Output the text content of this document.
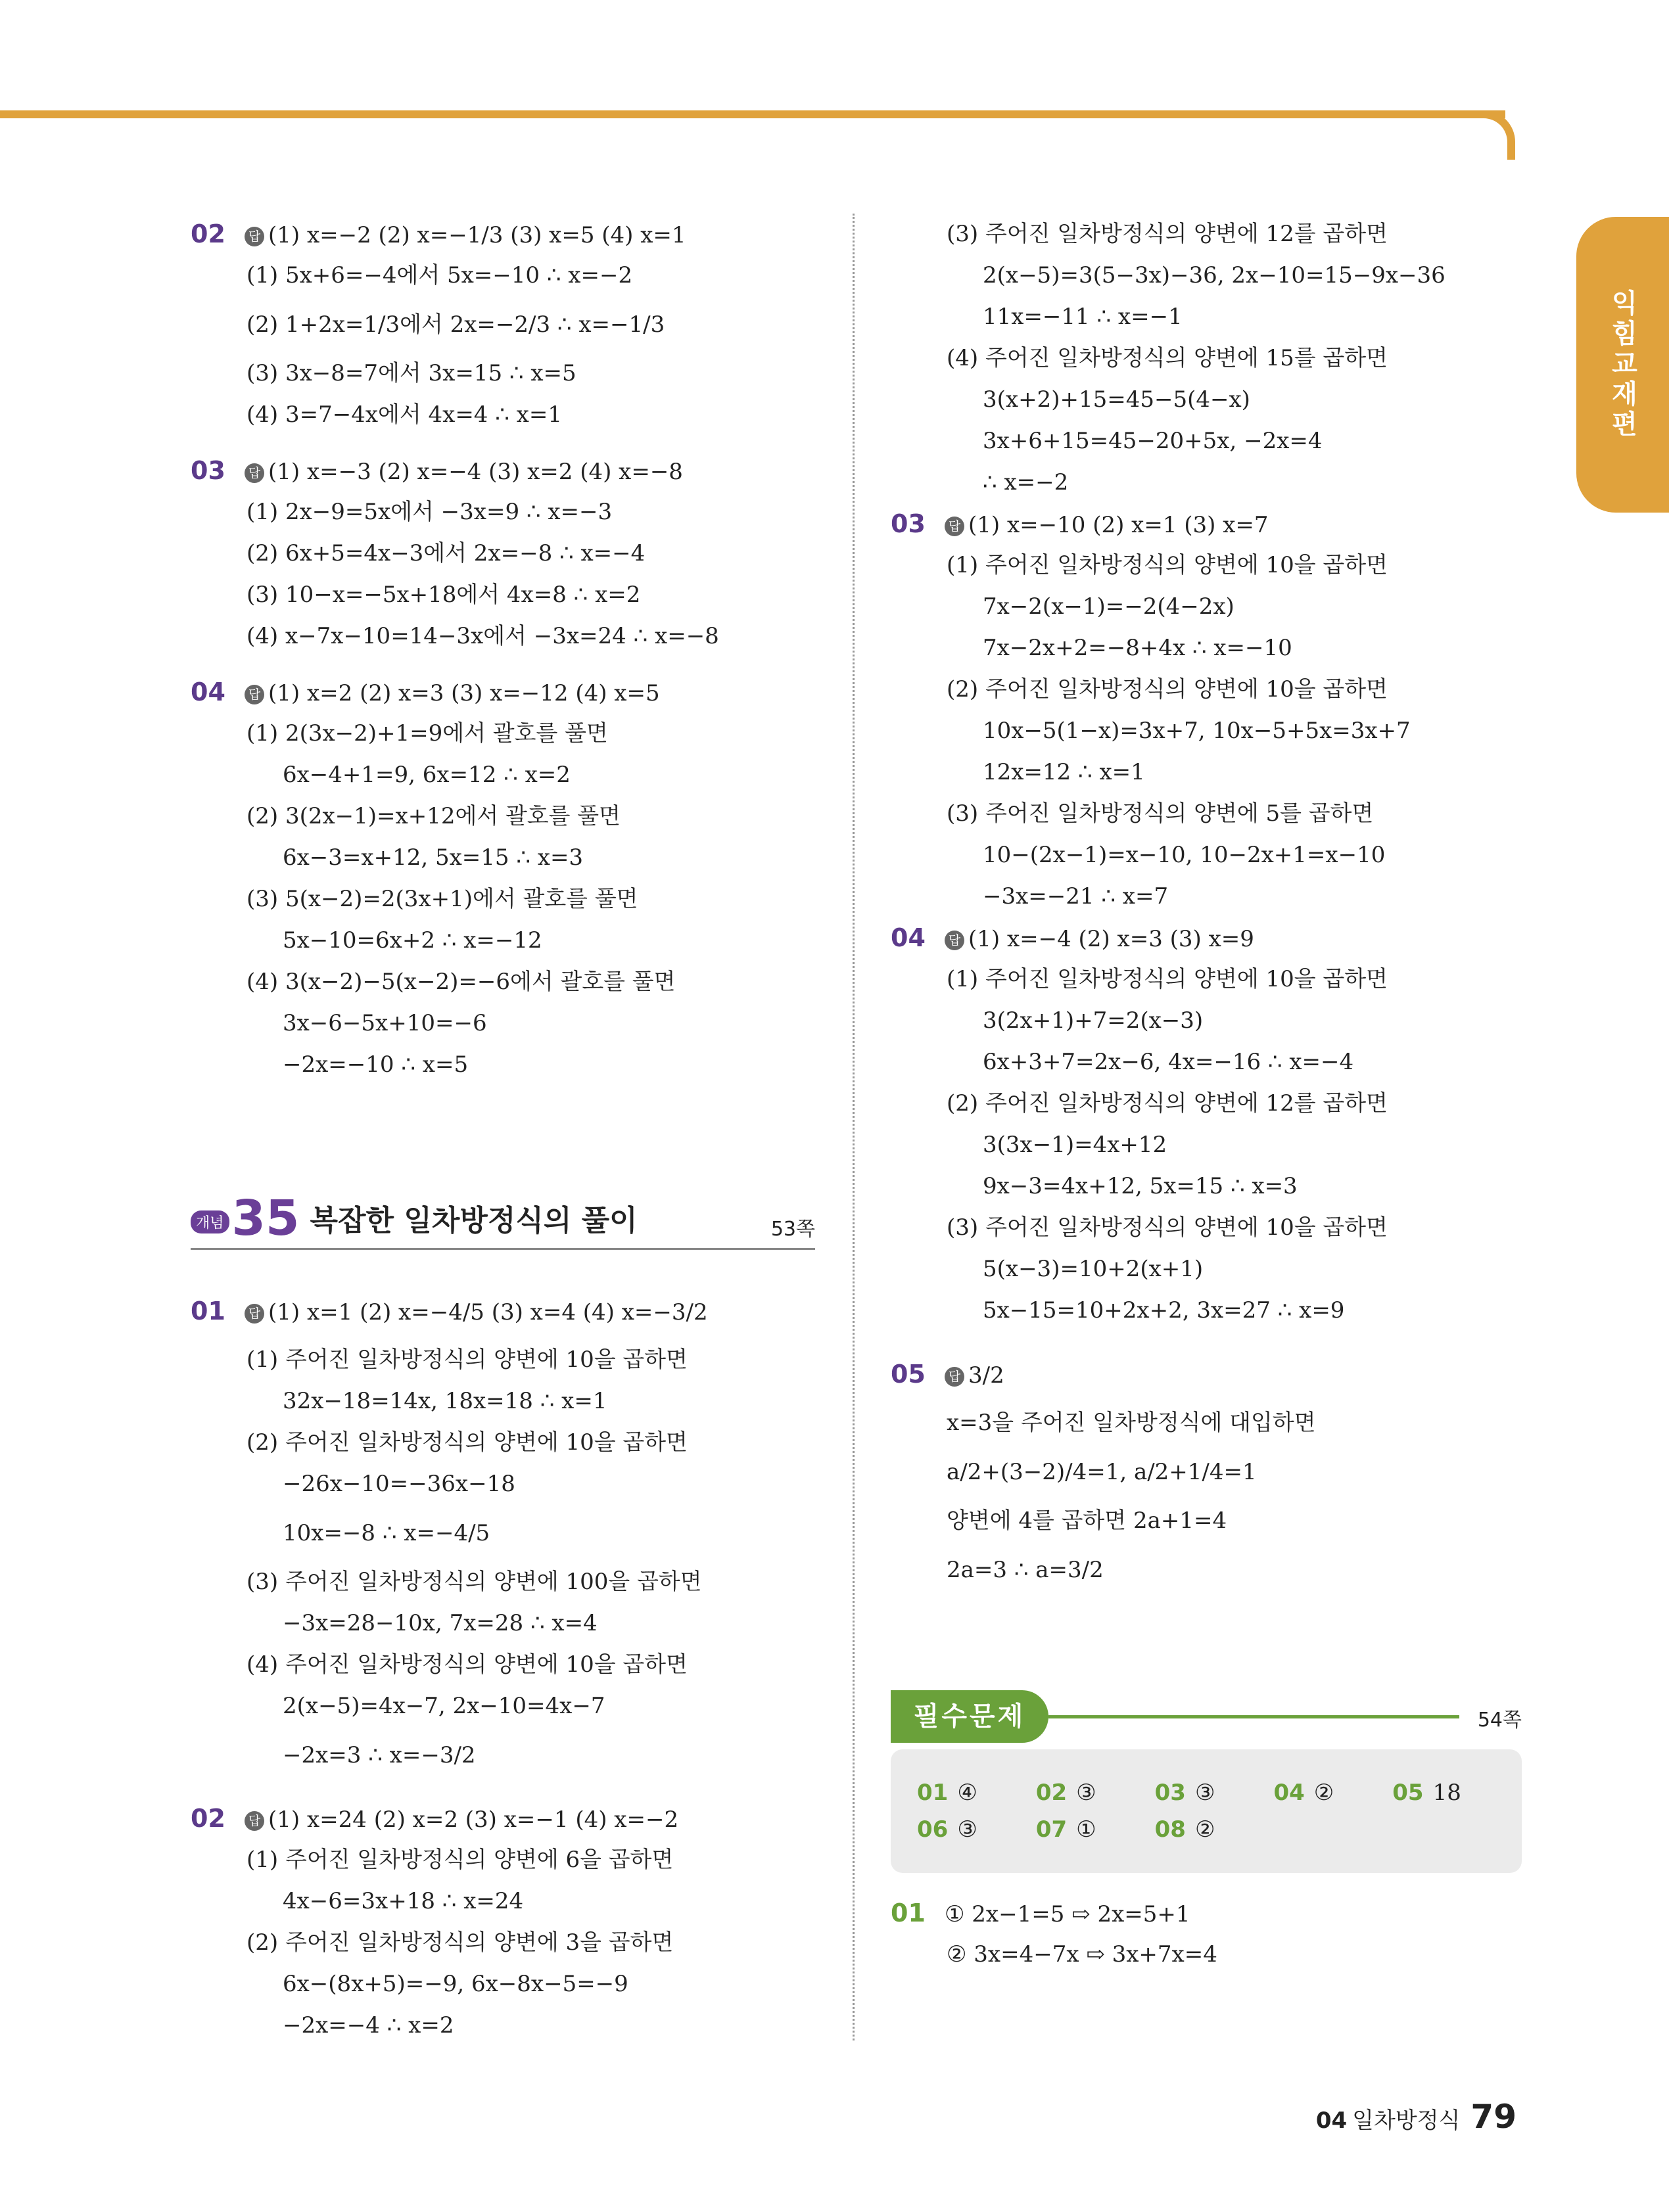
익힘교재편
02 답 (1) x=−2 (2) x=−1/3 (3) x=5 (4) x=1
(1) 5x+6=−4에서 5x=−10 ∴ x=−2
(2) 1+2x=1/3에서 2x=−2/3 ∴ x=−1/3
(3) 3x−8=7에서 3x=15 ∴ x=5
(4) 3=7−4x에서 4x=4 ∴ x=1
03 답 (1) x=−3 (2) x=−4 (3) x=2 (4) x=−8
(1) 2x−9=5x에서 −3x=9 ∴ x=−3
(2) 6x+5=4x−3에서 2x=−8 ∴ x=−4
(3) 10−x=−5x+18에서 4x=8 ∴ x=2
(4) x−7x−10=14−3x에서 −3x=24 ∴ x=−8
04 답 (1) x=2 (2) x=3 (3) x=−12 (4) x=5
(1) 2(3x−2)+1=9에서 괄호를 풀면
6x−4+1=9, 6x=12 ∴ x=2
(2) 3(2x−1)=x+12에서 괄호를 풀면
6x−3=x+12, 5x=15 ∴ x=3
(3) 5(x−2)=2(3x+1)에서 괄호를 풀면
5x−10=6x+2 ∴ x=−12
(4) 3(x−2)−5(x−2)=−6에서 괄호를 풀면
3x−6−5x+10=−6
−2x=−10 ∴ x=5
개념 35 복잡한 일차방정식의 풀이	53쪽
01 답 (1) x=1 (2) x=−4/5 (3) x=4 (4) x=−3/2
(1) 주어진 일차방정식의 양변에 10을 곱하면
32x−18=14x, 18x=18 ∴ x=1
(2) 주어진 일차방정식의 양변에 10을 곱하면
−26x−10=−36x−18
10x=−8 ∴ x=−4/5
(3) 주어진 일차방정식의 양변에 100을 곱하면
−3x=28−10x, 7x=28 ∴ x=4
(4) 주어진 일차방정식의 양변에 10을 곱하면
2(x−5)=4x−7, 2x−10=4x−7
−2x=3 ∴ x=−3/2
02 답 (1) x=24 (2) x=2 (3) x=−1 (4) x=−2
(1) 주어진 일차방정식의 양변에 6을 곱하면
4x−6=3x+18 ∴ x=24
(2) 주어진 일차방정식의 양변에 3을 곱하면
6x−(8x+5)=−9, 6x−8x−5=−9
−2x=−4 ∴ x=2
(3) 주어진 일차방정식의 양변에 12를 곱하면
2(x−5)=3(5−3x)−36, 2x−10=15−9x−36
11x=−11 ∴ x=−1
(4) 주어진 일차방정식의 양변에 15를 곱하면
3(x+2)+15=45−5(4−x)
3x+6+15=45−20+5x, −2x=4
∴ x=−2
03 답 (1) x=−10 (2) x=1 (3) x=7
(1) 주어진 일차방정식의 양변에 10을 곱하면
7x−2(x−1)=−2(4−2x)
7x−2x+2=−8+4x ∴ x=−10
(2) 주어진 일차방정식의 양변에 10을 곱하면
10x−5(1−x)=3x+7, 10x−5+5x=3x+7
12x=12 ∴ x=1
(3) 주어진 일차방정식의 양변에 5를 곱하면
10−(2x−1)=x−10, 10−2x+1=x−10
−3x=−21 ∴ x=7
04 답 (1) x=−4 (2) x=3 (3) x=9
(1) 주어진 일차방정식의 양변에 10을 곱하면
3(2x+1)+7=2(x−3)
6x+3+7=2x−6, 4x=−16 ∴ x=−4
(2) 주어진 일차방정식의 양변에 12를 곱하면
3(3x−1)=4x+12
9x−3=4x+12, 5x=15 ∴ x=3
(3) 주어진 일차방정식의 양변에 10을 곱하면
5(x−3)=10+2(x+1)
5x−15=10+2x+2, 3x=27 ∴ x=9
05 답 3/2
x=3을 주어진 일차방정식에 대입하면
a/2+(3−2)/4=1, a/2+1/4=1
양변에 4를 곱하면 2a+1=4
2a=3 ∴ a=3/2
필수문제	54쪽
01 ④	02 ③	03 ③	04 ②	05 18
06 ③	07 ①	08 ②
01 ① 2x−1=5 ⇨ 2x=5+1
② 3x=4−7x ⇨ 3x+7x=4
04 일차방정식 79
